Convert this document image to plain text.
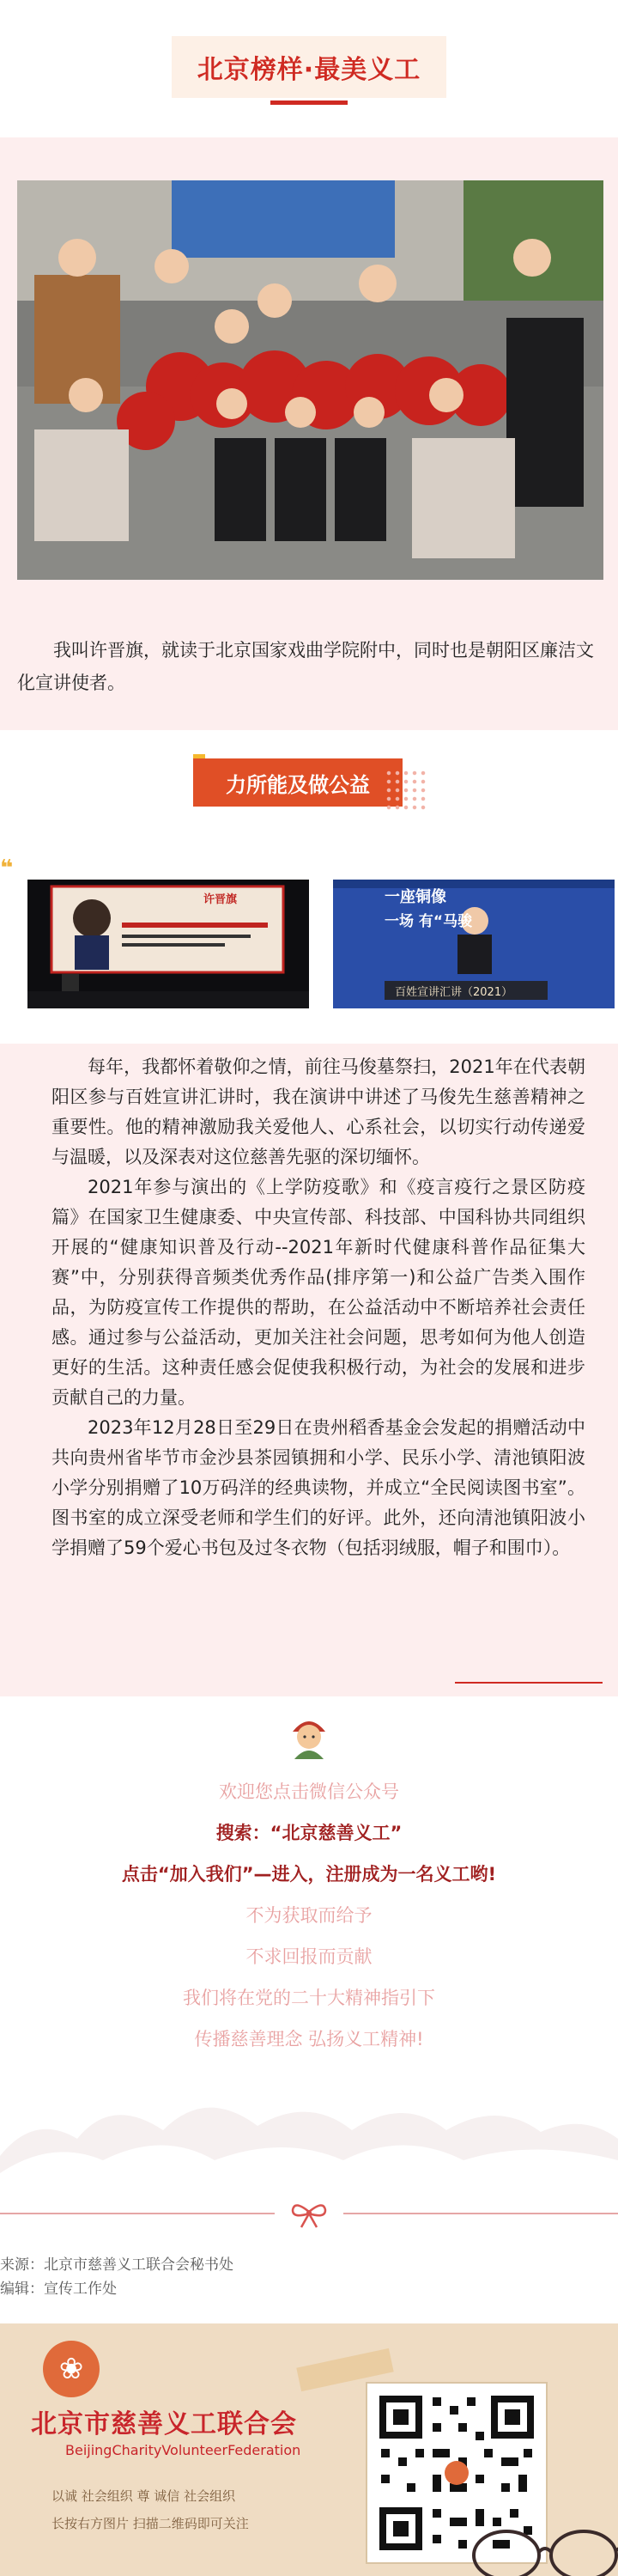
北京榜样·最美义工
我叫许晋旗，就读于北京国家戏曲学院附中，同时也是朝阳区廉洁文化宣讲使者。
力所能及做公益
❝
许晋旗	一座铜像
一场 有“马骏
百姓宣讲汇讲（2021）

每年，我都怀着敬仰之情，前往马俊墓祭扫，2021年在代表朝阳区参与百姓宣讲汇讲时，我在演讲中讲述了马俊先生慈善精神之重要性。他的精神激励我关爱他人、心系社会，以切实行动传递爱与温暖，以及深表对这位慈善先驱的深切缅怀。

2021年参与演出的《上学防疫歌》和《疫言疫行之景区防疫篇》在国家卫生健康委、中央宣传部、科技部、中国科协共同组织开展的“健康知识普及行动--2021年新时代健康科普作品征集大赛”中，分别获得音频类优秀作品(排序第一)和公益广告类入围作品，为防疫宣传工作提供的帮助，在公益活动中不断培养社会责任感。通过参与公益活动，更加关注社会问题，思考如何为他人创造更好的生活。这种责任感会促使我积极行动，为社会的发展和进步贡献自己的力量。

2023年12月28日至29日在贵州稻香基金会发起的捐赠活动中共向贵州省毕节市金沙县茶园镇拥和小学、民乐小学、清池镇阳波小学分别捐赠了10万码洋的经典读物，并成立“全民阅读图书室”。图书室的成立深受老师和学生们的好评。此外，还向清池镇阳波小学捐赠了59个爱心书包及过冬衣物（包括羽绒服，帽子和围巾）。

欢迎您点击微信公众号
搜索：“北京慈善义工”
点击“加入我们”—进入，注册成为一名义工哟!
不为获取而给予
不求回报而贡献
我们将在党的二十大精神指引下
传播慈善理念 弘扬义工精神!
来源：北京市慈善义工联合会秘书处
编辑：宣传工作处
❀
北京市慈善义工联合会
BeijingCharityVolunteerFederation
以诚 社会组织 尊 诚信 社会组织
长按右方图片 扫描二维码即可关注
